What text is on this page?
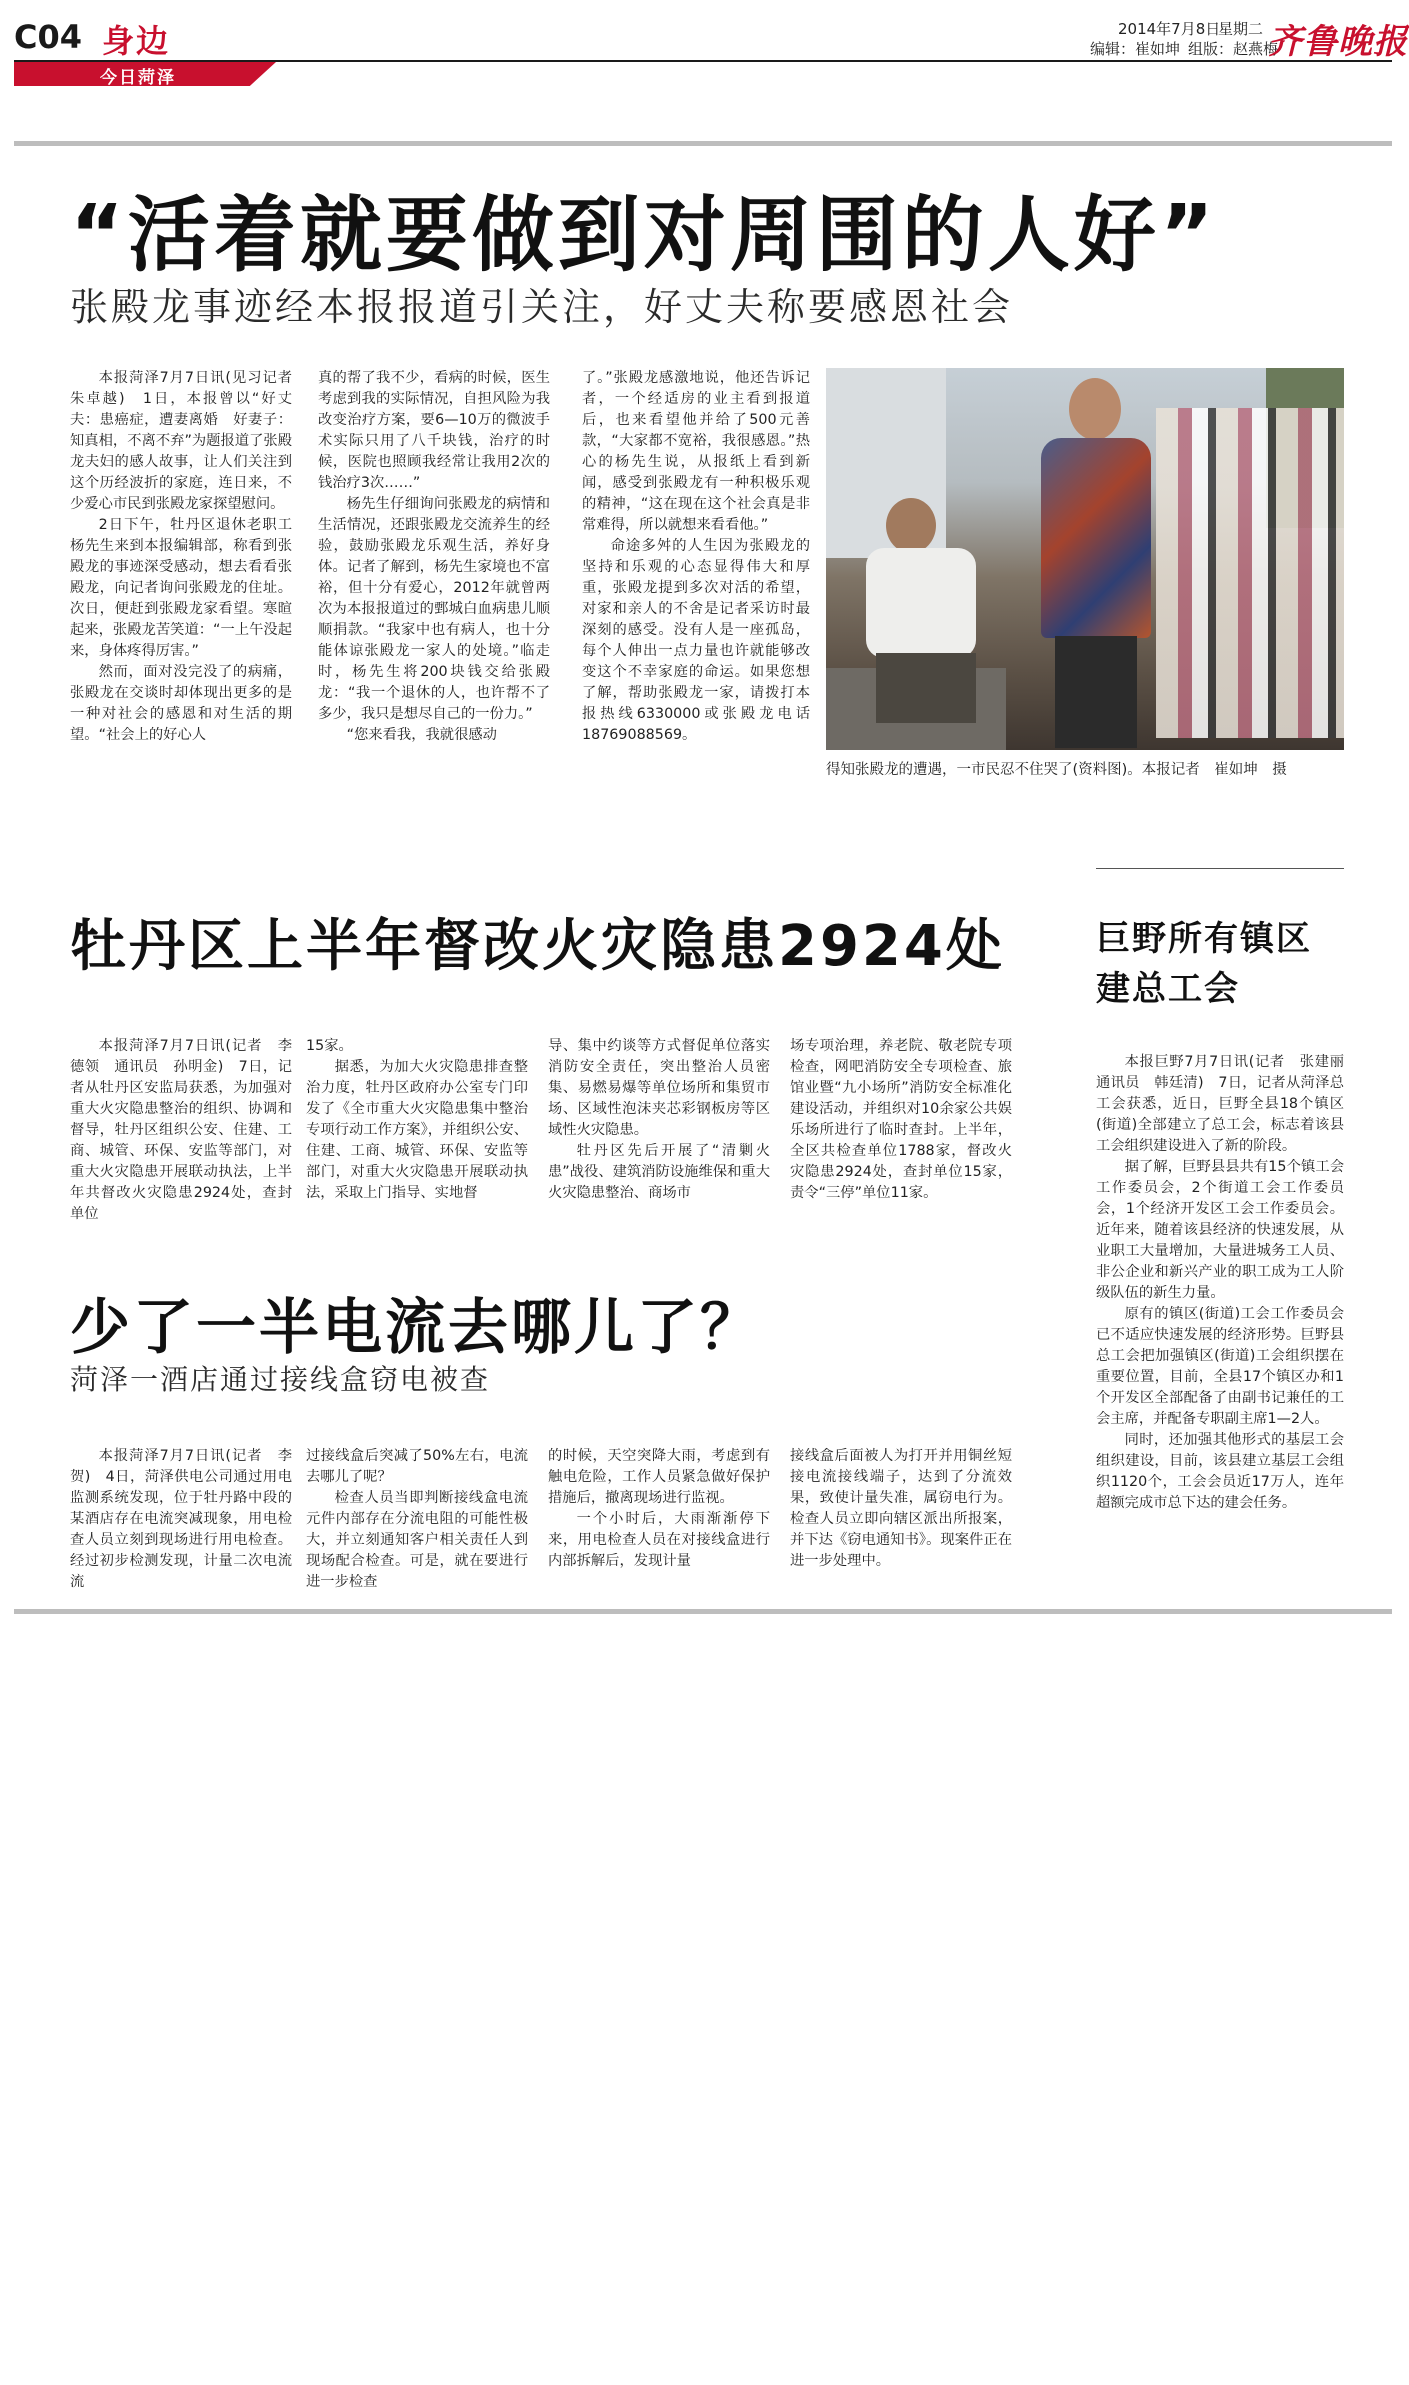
C04 身边
今日菏泽
2014年7月8日
星期二
编辑：崔如坤 组版：赵燕梅
齐鲁晚报
“活着就要做到对周围的人好”
张殿龙事迹经本报报道引关注，好丈夫称要感恩社会

本报菏泽7月7日讯(见习记者　朱卓越)　1日，本报曾以“好丈夫：患癌症，遭妻离婚　好妻子：知真相，不离不弃”为题报道了张殿龙夫妇的感人故事，让人们关注到这个历经波折的家庭，连日来，不少爱心市民到张殿龙家探望慰问。

2日下午，牡丹区退休老职工杨先生来到本报编辑部，称看到张殿龙的事迹深受感动，想去看看张殿龙，向记者询问张殿龙的住址。次日，便赶到张殿龙家看望。寒暄起来，张殿龙苦笑道：“一上午没起来，身体疼得厉害。”

然而，面对没完没了的病痛，张殿龙在交谈时却体现出更多的是一种对社会的感恩和对生活的期望。“社会上的好心人

真的帮了我不少，看病的时候，医生考虑到我的实际情况，自担风险为我改变治疗方案，要6—10万的微波手术实际只用了八千块钱，治疗的时候，医院也照顾我经常让我用2次的钱治疗3次……”

杨先生仔细询问张殿龙的病情和生活情况，还跟张殿龙交流养生的经验，鼓励张殿龙乐观生活，养好身体。记者了解到，杨先生家境也不富裕，但十分有爱心，2012年就曾两次为本报报道过的鄄城白血病患儿顺顺捐款。“我家中也有病人，也十分能体谅张殿龙一家人的处境。”临走时，杨先生将200块钱交给张殿龙：“我一个退休的人，也许帮不了多少，我只是想尽自己的一份力。”

“您来看我，我就很感动

了。”张殿龙感激地说，他还告诉记者，一个经适房的业主看到报道后，也来看望他并给了500元善款，“大家都不宽裕，我很感恩。”热心的杨先生说，从报纸上看到新闻，感受到张殿龙有一种积极乐观的精神，“这在现在这个社会真是非常难得，所以就想来看看他。”

命途多舛的人生因为张殿龙的坚持和乐观的心态显得伟大和厚重，张殿龙提到多次对活的希望，对家和亲人的不舍是记者采访时最深刻的感受。没有人是一座孤岛，每个人伸出一点力量也许就能够改变这个不幸家庭的命运。如果您想了解，帮助张殿龙一家，请拨打本报热线6330000或张殿龙电话18769088569。

得知张殿龙的遭遇，一市民忍不住哭了(资料图)。本报记者　崔如坤　摄
牡丹区上半年督改火灾隐患2924处

本报菏泽7月7日讯(记者　李德领　通讯员　孙明金)　7日，记者从牡丹区安监局获悉，为加强对重大火灾隐患整治的组织、协调和督导，牡丹区组织公安、住建、工商、城管、环保、安监等部门，对重大火灾隐患开展联动执法，上半年共督改火灾隐患2924处，查封单位

15家。

据悉，为加大火灾隐患排查整治力度，牡丹区政府办公室专门印发了《全市重大火灾隐患集中整治专项行动工作方案》，并组织公安、住建、工商、城管、环保、安监等部门，对重大火灾隐患开展联动执法，采取上门指导、实地督

导、集中约谈等方式督促单位落实消防安全责任，突出整治人员密集、易燃易爆等单位场所和集贸市场、区域性泡沫夹芯彩钢板房等区域性火灾隐患。

牡丹区先后开展了“清剿火患”战役、建筑消防设施维保和重大火灾隐患整治、商场市

场专项治理，养老院、敬老院专项检查，网吧消防安全专项检查、旅馆业暨“九小场所”消防安全标准化建设活动，并组织对10余家公共娱乐场所进行了临时查封。上半年，全区共检查单位1788家，督改火灾隐患2924处，查封单位15家，责令“三停”单位11家。

巨野所有镇区建总工会

本报巨野7月7日讯(记者　张建丽　通讯员　韩廷清)　7日，记者从菏泽总工会获悉，近日，巨野全县18个镇区(街道)全部建立了总工会，标志着该县工会组织建设进入了新的阶段。

据了解，巨野县县共有15个镇工会工作委员会，2个街道工会工作委员会，1个经济开发区工会工作委员会。近年来，随着该县经济的快速发展，从业职工大量增加，大量进城务工人员、非公企业和新兴产业的职工成为工人阶级队伍的新生力量。

原有的镇区(街道)工会工作委员会已不适应快速发展的经济形势。巨野县总工会把加强镇区(街道)工会组织摆在重要位置，目前，全县17个镇区办和1个开发区全部配备了由副书记兼任的工会主席，并配备专职副主席1—2人。

同时，还加强其他形式的基层工会组织建设，目前，该县建立基层工会组织1120个，工会会员近17万人，连年超额完成市总下达的建会任务。

少了一半电流去哪儿了？
菏泽一酒店通过接线盒窃电被查

本报菏泽7月7日讯(记者　李贺)　4日，菏泽供电公司通过用电监测系统发现，位于牡丹路中段的某酒店存在电流突减现象，用电检查人员立刻到现场进行用电检查。经过初步检测发现，计量二次电流流

过接线盒后突减了50%左右，电流去哪儿了呢？

检查人员当即判断接线盒电流元件内部存在分流电阻的可能性极大，并立刻通知客户相关责任人到现场配合检查。可是，就在要进行进一步检查

的时候，天空突降大雨，考虑到有触电危险，工作人员紧急做好保护措施后，撤离现场进行监视。

一个小时后，大雨渐渐停下来，用电检查人员在对接线盒进行内部拆解后，发现计量

接线盒后面被人为打开并用铜丝短接电流接线端子，达到了分流效果，致使计量失准，属窃电行为。检查人员立即向辖区派出所报案，并下达《窃电通知书》。现案件正在进一步处理中。
